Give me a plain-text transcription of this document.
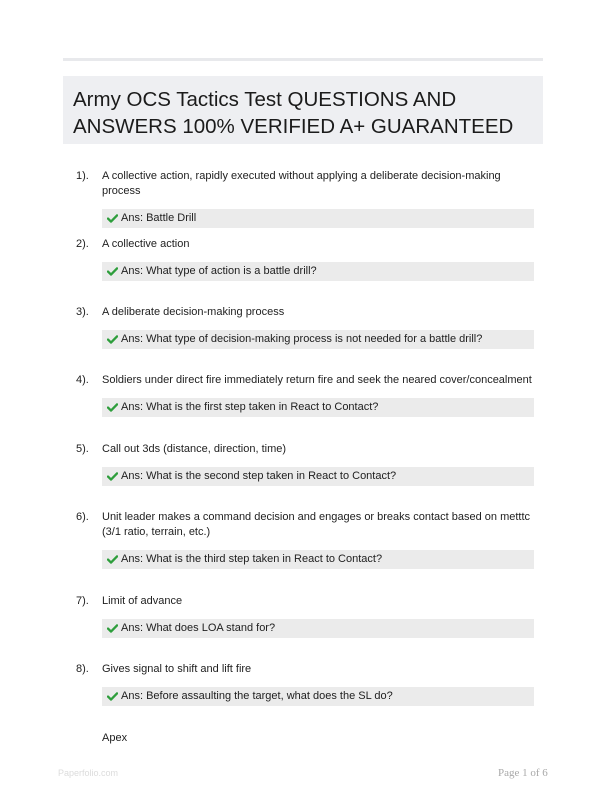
Army OCS Tactics Test QUESTIONS AND ANSWERS 100% VERIFIED A+ GUARANTEED
1). A collective action, rapidly executed without applying a deliberate decision-making process
Ans: Battle Drill
2). A collective action
Ans: What type of action is a battle drill?
3). A deliberate decision-making process
Ans: What type of decision-making process is not needed for a battle drill?
4). Soldiers under direct fire immediately return fire and seek the neared cover/concealment
Ans: What is the first step taken in React to Contact?
5). Call out 3ds (distance, direction, time)
Ans: What is the second step taken in React to Contact?
6). Unit leader makes a command decision and engages or breaks contact based on metttc (3/1 ratio, terrain, etc.)
Ans: What is the third step taken in React to Contact?
7). Limit of advance
Ans: What does LOA stand for?
8). Gives signal to shift and lift fire
Ans: Before assaulting the target, what does the SL do?
Apex
Paperfolio.com	Page 1 of 6
